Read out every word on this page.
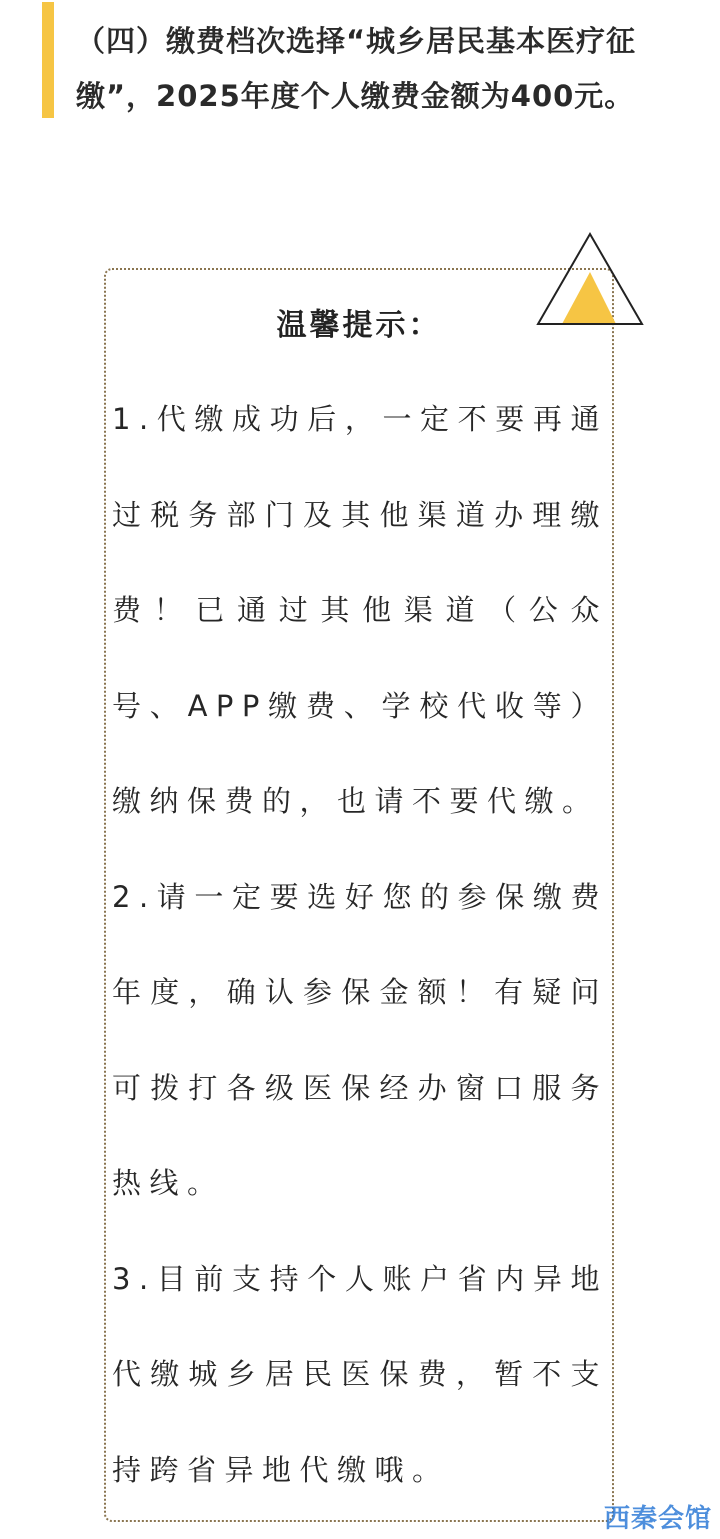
（四）缴费档次选择“城乡居民基本医疗征缴”，2025年度个人缴费金额为400元。

温馨提示：

1.代缴成功后，一定不要再通过税务部门及其他渠道办理缴费！已通过其他渠道（公众号、APP缴费、学校代收等）缴纳保费的，也请不要代缴。

2.请一定要选好您的参保缴费年度，确认参保金额！有疑问可拨打各级医保经办窗口服务热线。

3.目前支持个人账户省内异地代缴城乡居民医保费，暂不支持跨省异地代缴哦。

西秦会馆
